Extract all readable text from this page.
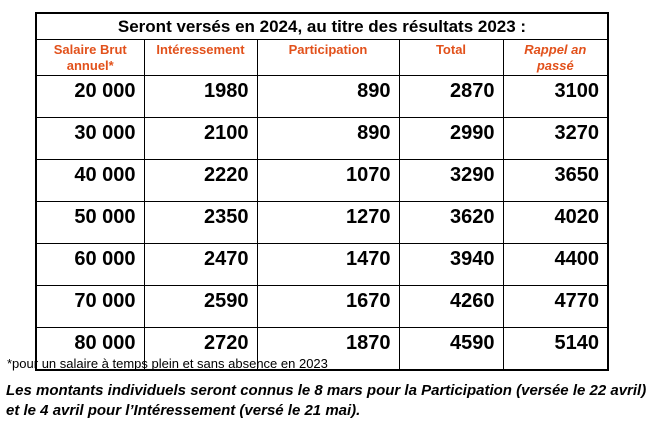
Seront versés en 2024, au titre des résultats 2023 :				
Salaire Brut annuel*	Intéressement	Participation	Total	Rappel an passé
20 000	1980	890	2870	3100
30 000	2100	890	2990	3270
40 000	2220	1070	3290	3650
50 000	2350	1270	3620	4020
60 000	2470	1470	3940	4400
70 000	2590	1670	4260	4770
80 000	2720	1870	4590	5140
*pour un salaire à temps plein et sans absence en 2023
Les montants individuels seront connus le 8 mars pour la Participation (versée le 22 avril) et le 4 avril pour l’Intéressement (versé le 21 mai).
